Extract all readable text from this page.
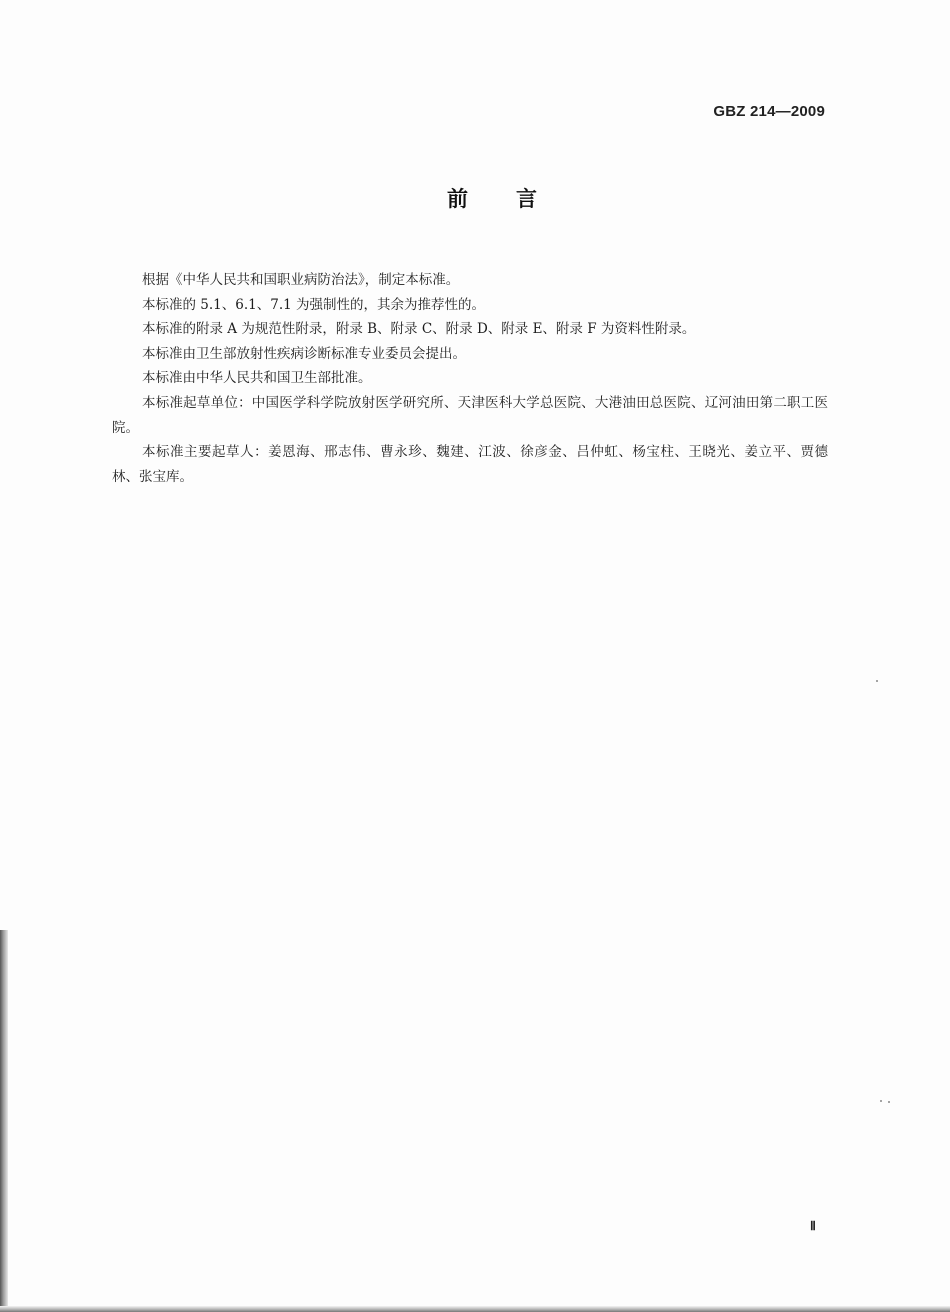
GBZ 214—2009
前言

根据《中华人民共和国职业病防治法》，制定本标准。

本标准的 5.1、6.1、7.1 为强制性的，其余为推荐性的。

本标准的附录 A 为规范性附录，附录 B、附录 C、附录 D、附录 E、附录 F 为资料性附录。

本标准由卫生部放射性疾病诊断标准专业委员会提出。

本标准由中华人民共和国卫生部批准。

本标准起草单位：中国医学科学院放射医学研究所、天津医科大学总医院、大港油田总医院、辽河油田第二职工医院。

本标准主要起草人：姜恩海、邢志伟、曹永珍、魏建、江波、徐彦金、吕仲虹、杨宝柱、王晓光、姜立平、贾德林、张宝库。

Ⅱ
